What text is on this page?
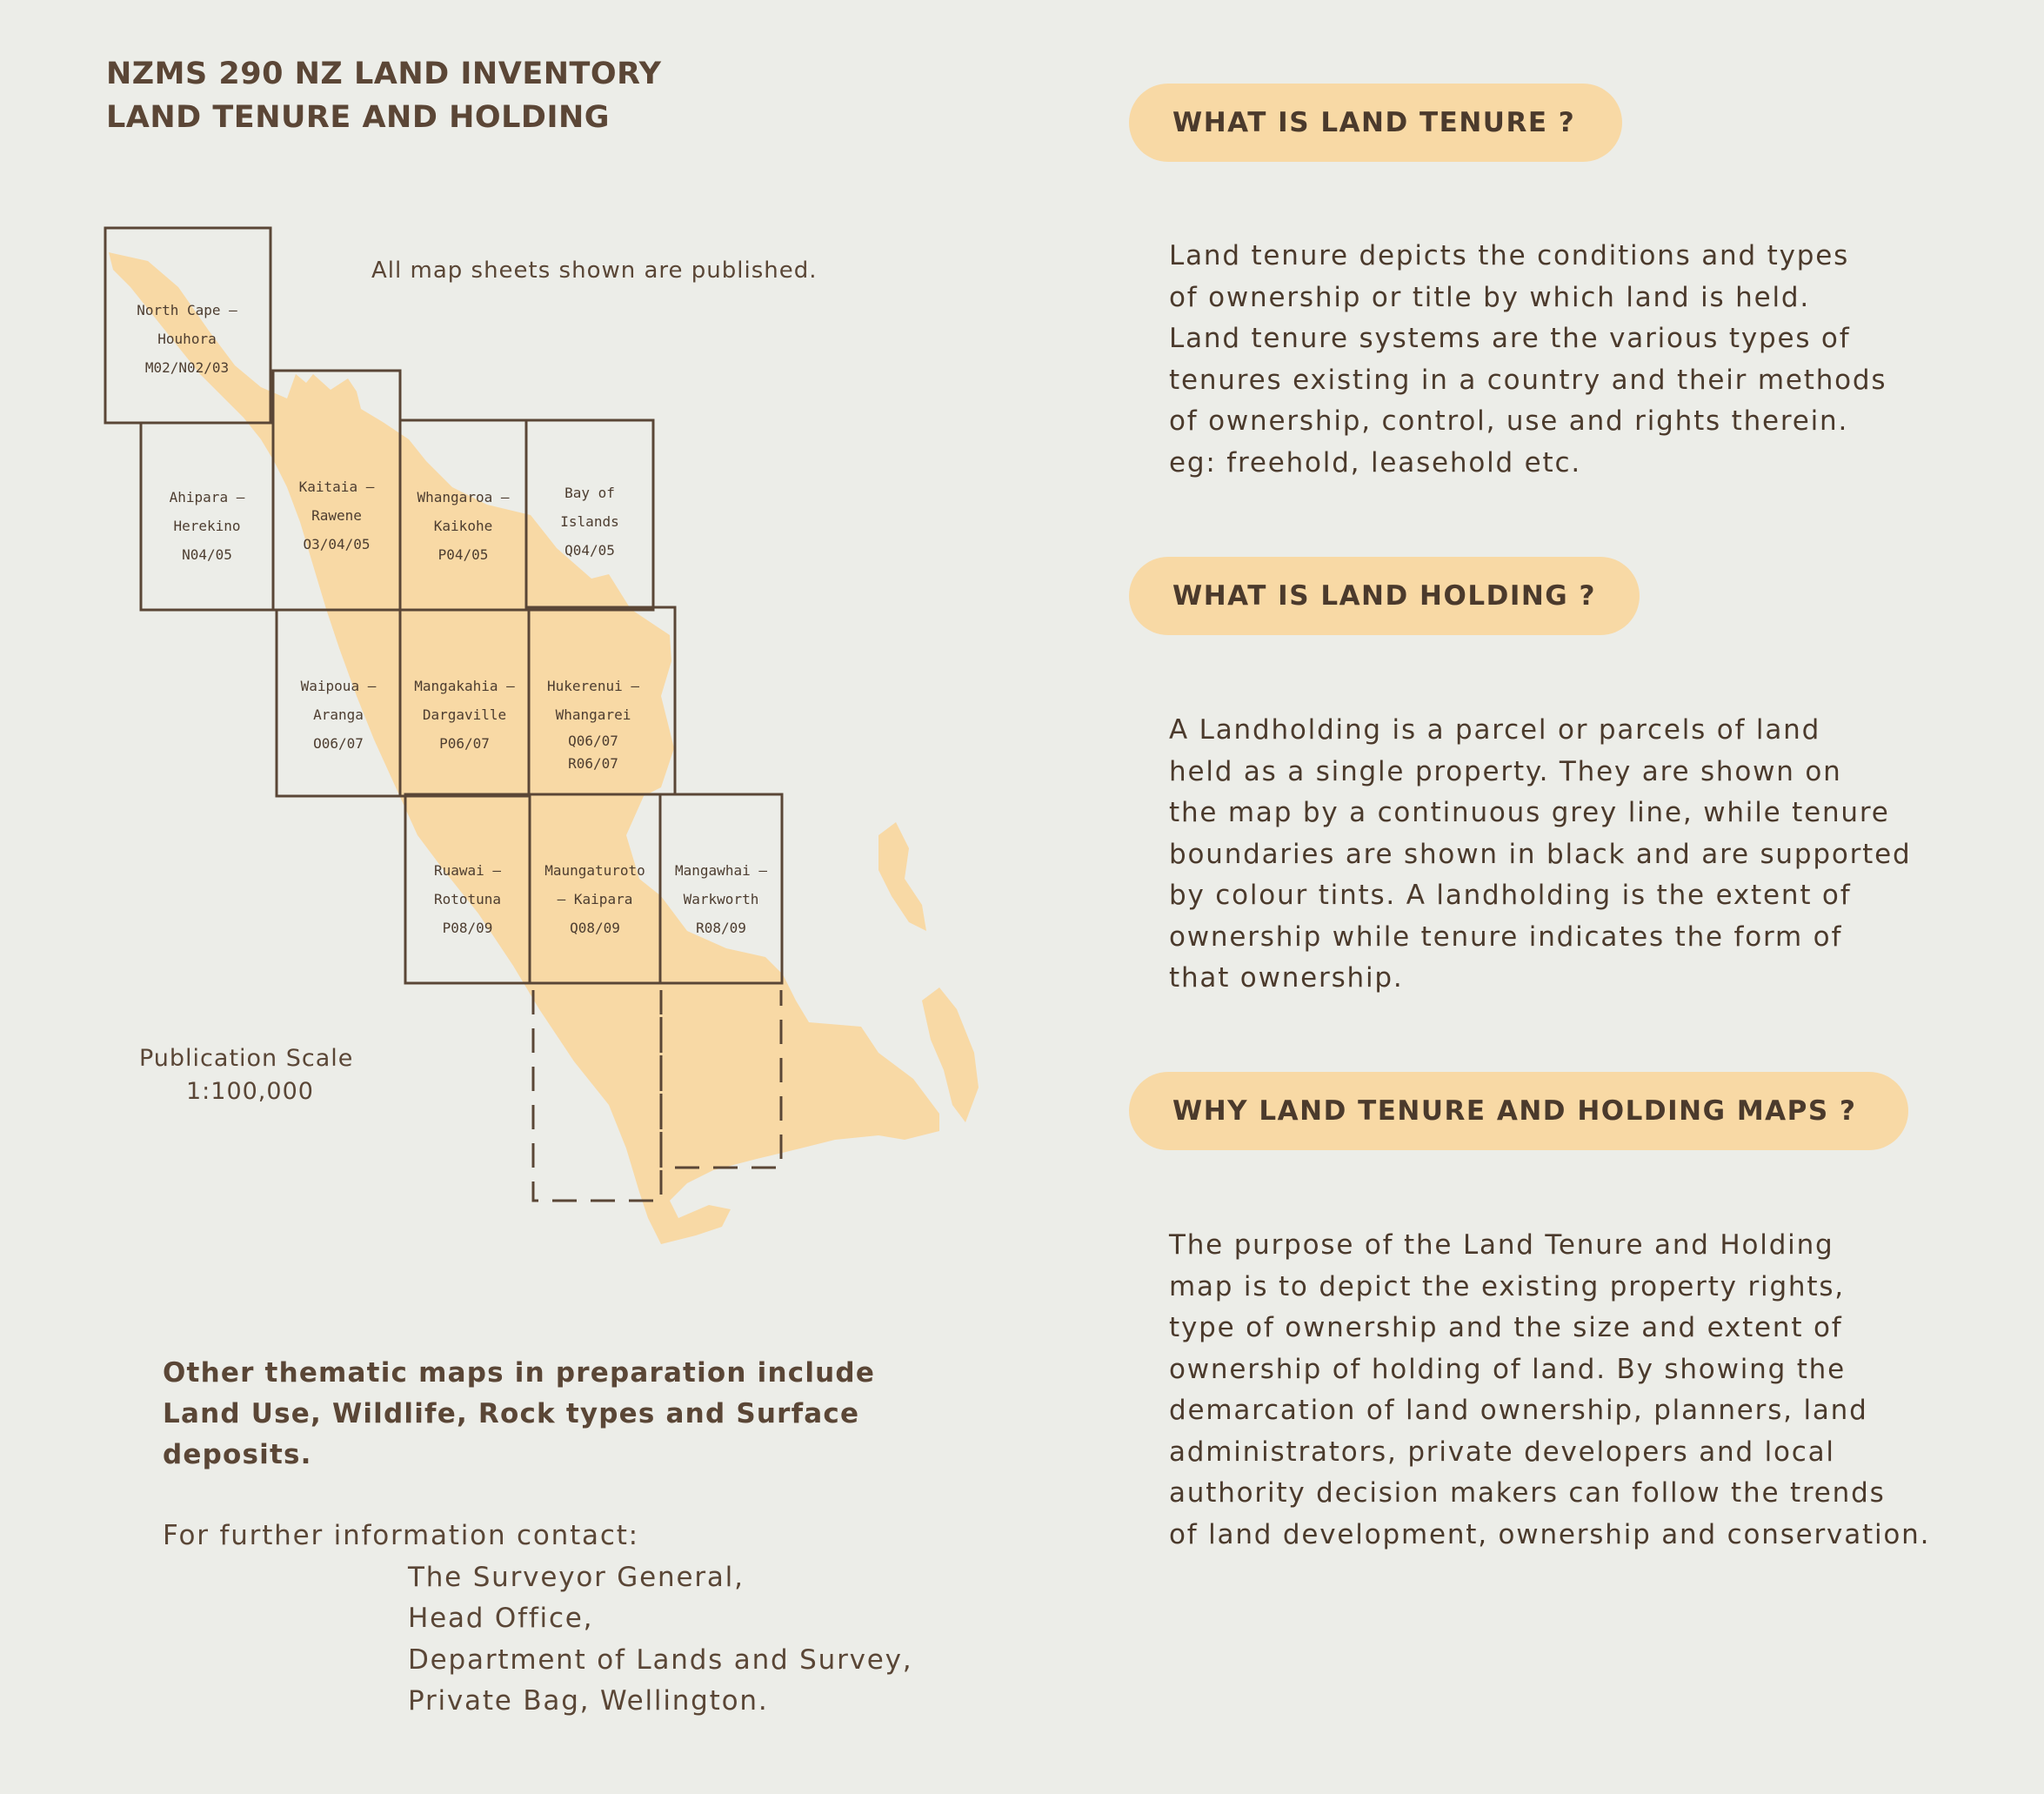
NZMS 290 NZ LAND INVENTORY
LAND TENURE AND HOLDING
North Cape –
Houhora
M02/N02/03
Ahipara –
Herekino
N04/05
Kaitaia –
Rawene
O3/04/05
Whangaroa –
Kaikohe
P04/05
Bay of
Islands
Q04/05
Waipoua –
Aranga
O06/07
Mangakahia –
Dargaville
P06/07
Hukerenui –
Whangarei
Q06/07
R06/07
Ruawai –
Rototuna
P08/09
Maungaturoto
– Kaipara
Q08/09
Mangawhai –
Warkworth
R08/09
All map sheets shown are published.
Publication Scale
1:100,000
Other thematic maps in preparation include
Land Use, Wildlife, Rock types and Surface
deposits.
For further information contact:
The Surveyor General,
Head Office,
Department of Lands and Survey,
Private Bag, Wellington.
WHAT IS LAND TENURE ?
Land tenure depicts the conditions and types
of ownership or title by which land is held.
Land tenure systems are the various types of
tenures existing in a country and their methods
of ownership, control, use and rights therein.
eg: freehold, leasehold etc.
WHAT IS LAND HOLDING ?
A Landholding is a parcel or parcels of land
held as a single property. They are shown on
the map by a continuous grey line, while tenure
boundaries are shown in black and are supported
by colour tints. A landholding is the extent of
ownership while tenure indicates the form of
that ownership.
WHY LAND TENURE AND HOLDING MAPS ?
The purpose of the Land Tenure and Holding
map is to depict the existing property rights,
type of ownership and the size and extent of
ownership of holding of land. By showing the
demarcation of land ownership, planners, land
administrators, private developers and local
authority decision makers can follow the trends
of land development, ownership and conservation.
